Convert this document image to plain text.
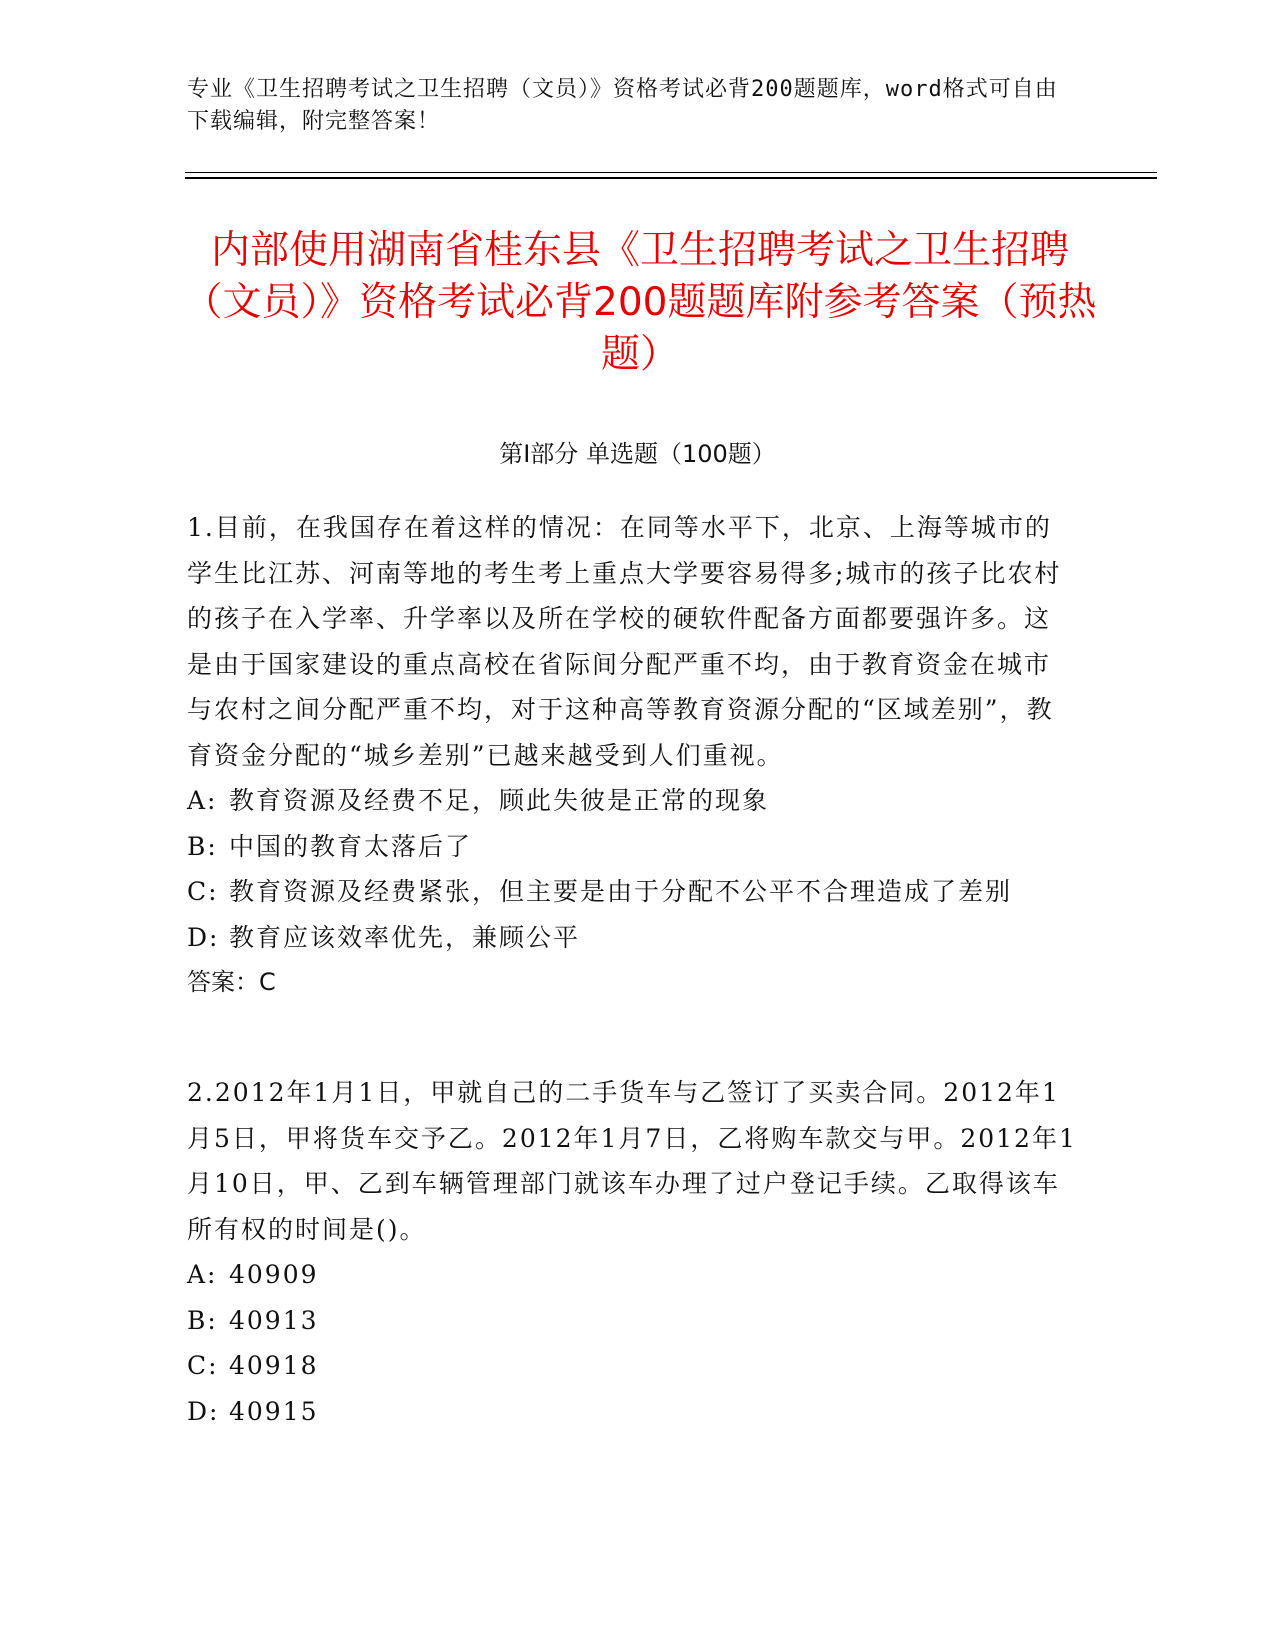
专业《卫生招聘考试之卫生招聘（文员）》资格考试必背200题题库，word格式可自由下载编辑，附完整答案！
内部使用湖南省桂东县《卫生招聘考试之卫生招聘（文员）》资格考试必背200题题库附参考答案（预热题）
第I部分 单选题（100题）

1.目前，在我国存在着这样的情况：在同等水平下，北京、上海等城市的学生比江苏、河南等地的考生考上重点大学要容易得多;城市的孩子比农村的孩子在入学率、升学率以及所在学校的硬软件配备方面都要强许多。这是由于国家建设的重点高校在省际间分配严重不均，由于教育资金在城市与农村之间分配严重不均，对于这种高等教育资源分配的“区域差别”，教育资金分配的“城乡差别”已越来越受到人们重视。

A: 教育资源及经费不足，顾此失彼是正常的现象

B: 中国的教育太落后了

C: 教育资源及经费紧张，但主要是由于分配不公平不合理造成了差别

D: 教育应该效率优先，兼顾公平

答案：C

2.2012年1月1日，甲就自己的二手货车与乙签订了买卖合同。2012年1月5日，甲将货车交予乙。2012年1月7日，乙将购车款交与甲。2012年1月10日，甲、乙到车辆管理部门就该车办理了过户登记手续。乙取得该车所有权的时间是()。

A: 40909

B: 40913

C: 40918

D: 40915
